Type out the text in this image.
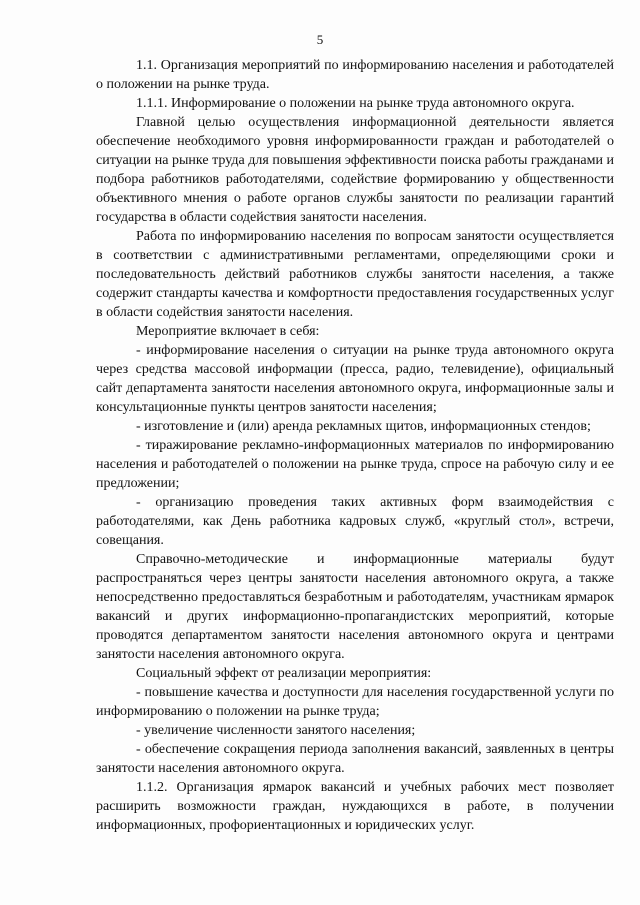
5

1.1. Организация мероприятий по информированию населения и работодателей о положении на рынке труда.

1.1.1. Информирование о положении на рынке труда автономного округа.

Главной целью осуществления информационной деятельности является обеспечение необходимого уровня информированности граждан и работодателей о ситуации на рынке труда для повышения эффективности поиска работы гражданами и подбора работников работодателями, содействие формированию у общественности объективного мнения о работе органов службы занятости по реализации гарантий государства в области содействия занятости населения.

Работа по информированию населения по вопросам занятости осуществляется в соответствии с административными регламентами, определяющими сроки и последовательность действий работников службы занятости населения, а также содержит стандарты качества и комфортности предоставления государственных услуг в области содействия занятости населения.

Мероприятие включает в себя:

- информирование населения о ситуации на рынке труда автономного округа через средства массовой информации (пресса, радио, телевидение), официальный сайт департамента занятости населения автономного округа, информационные залы и консультационные пункты центров занятости населения;

- изготовление и (или) аренда рекламных щитов, информационных стендов;

- тиражирование рекламно-информационных материалов по информированию населения и работодателей о положении на рынке труда, спросе на рабочую силу и ее предложении;

- организацию проведения таких активных форм взаимодействия с работодателями, как День работника кадровых служб, «круглый стол», встречи, совещания.

Справочно-методические и информационные материалы будут распространяться через центры занятости населения автономного округа, а также непосредственно предоставляться безработным и работодателям, участникам ярмарок вакансий и других информационно-пропагандистских мероприятий, которые проводятся департаментом занятости населения автономного округа и центрами занятости населения автономного округа.

Социальный эффект от реализации мероприятия:

- повышение качества и доступности для населения государственной услуги по информированию о положении на рынке труда;

- увеличение численности занятого населения;

- обеспечение сокращения периода заполнения вакансий, заявленных в центры занятости населения автономного округа.

1.1.2. Организация ярмарок вакансий и учебных рабочих мест позволяет расширить возможности граждан, нуждающихся в работе, в получении информационных, профориентационных и юридических услуг.
